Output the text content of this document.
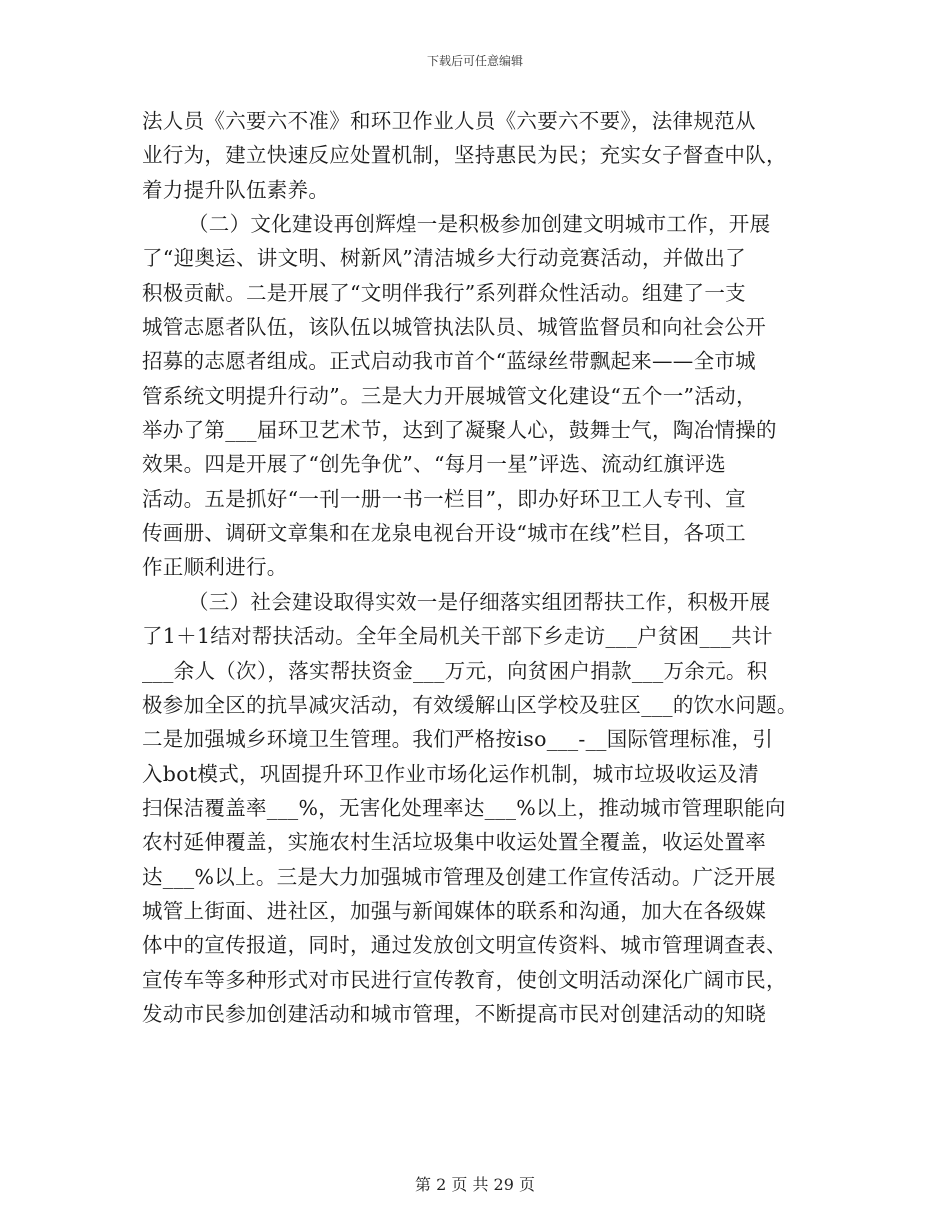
下载后可任意编辑
法人员《六要六不准》和环卫作业人员《六要六不要》，法律规范从
业行为，建立快速反应处置机制，坚持惠民为民；充实女子督查中队，
着力提升队伍素养。
（二）文化建设再创辉煌一是积极参加创建文明城市工作，开展
了“迎奥运、讲文明、树新风”清洁城乡大行动竞赛活动，并做出了
积极贡献。二是开展了“文明伴我行”系列群众性活动。组建了一支
城管志愿者队伍，该队伍以城管执法队员、城管监督员和向社会公开
招募的志愿者组成。正式启动我市首个“蓝绿丝带飘起来——全市城
管系统文明提升行动”。三是大力开展城管文化建设“五个一”活动，
举办了第___届环卫艺术节，达到了凝聚人心，鼓舞士气，陶冶情操的
效果。四是开展了“创先争优”、“每月一星”评选、流动红旗评选
活动。五是抓好“一刊一册一书一栏目”，即办好环卫工人专刊、宣
传画册、调研文章集和在龙泉电视台开设“城市在线”栏目，各项工
作正顺利进行。
（三）社会建设取得实效一是仔细落实组团帮扶工作，积极开展
了1＋1结对帮扶活动。全年全局机关干部下乡走访___户贫困___共计
___余人（次），落实帮扶资金___万元，向贫困户捐款___万余元。积
极参加全区的抗旱减灾活动，有效缓解山区学校及驻区___的饮水问题。
二是加强城乡环境卫生管理。我们严格按iso___-__国际管理标准，引
入bot模式，巩固提升环卫作业市场化运作机制，城市垃圾收运及清
扫保洁覆盖率___%，无害化处理率达___%以上，推动城市管理职能向
农村延伸覆盖，实施农村生活垃圾集中收运处置全覆盖，收运处置率
达___%以上。三是大力加强城市管理及创建工作宣传活动。广泛开展
城管上街面、进社区，加强与新闻媒体的联系和沟通，加大在各级媒
体中的宣传报道，同时，通过发放创文明宣传资料、城市管理调查表、
宣传车等多种形式对市民进行宣传教育，使创文明活动深化广阔市民，
发动市民参加创建活动和城市管理，不断提高市民对创建活动的知晓
第 2 页 共 29 页
